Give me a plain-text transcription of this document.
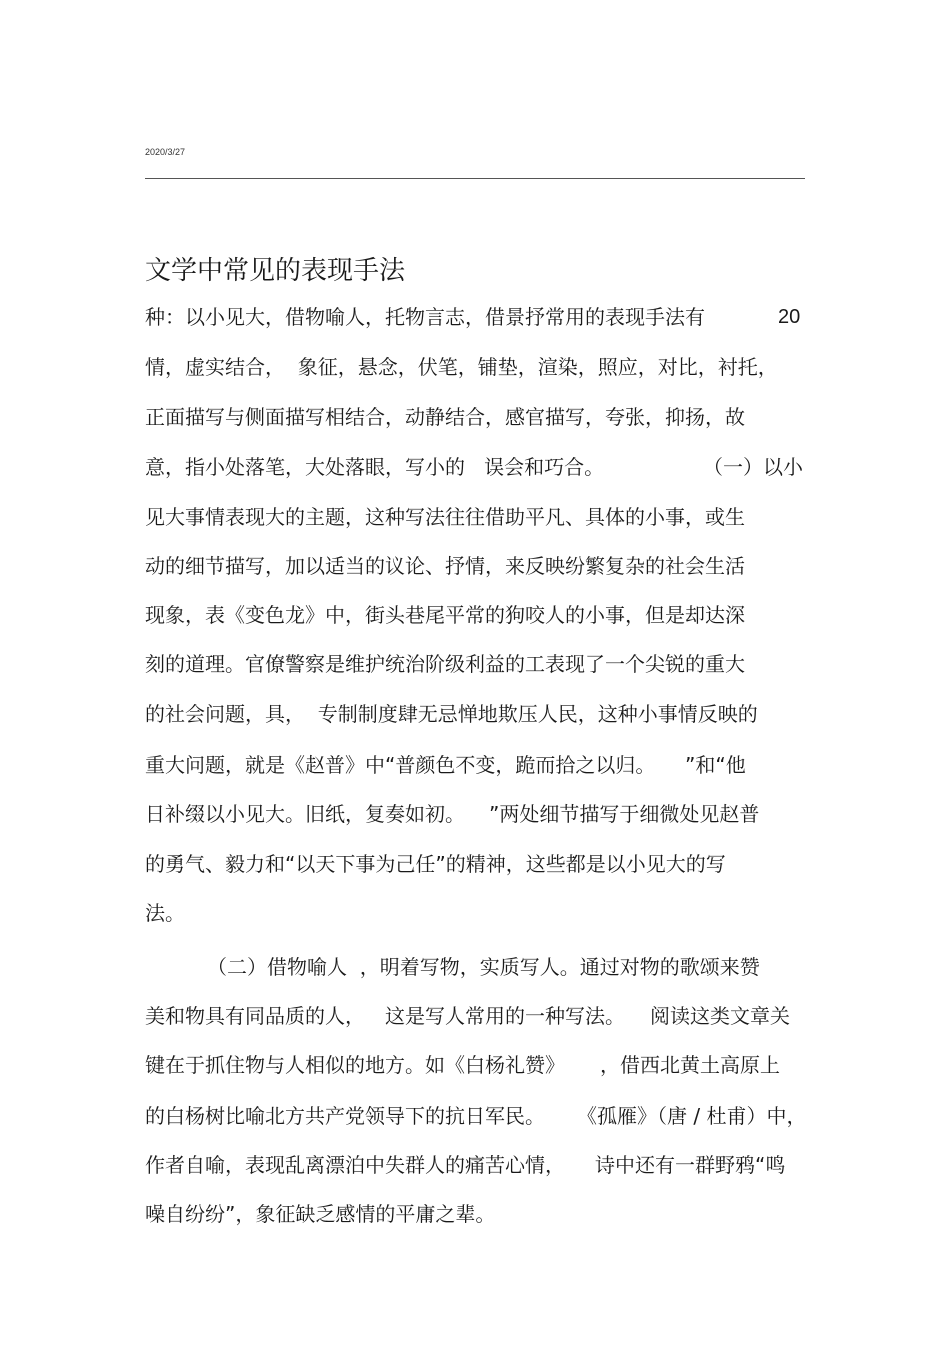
2020/3/27
文学中常见的表现手法
20
种：以小见大，借物喻人，托物言志，借景抒常用的表现手法有
情，虚实结合，  象征，悬念，伏笔，铺垫，渲染，照应，对比，衬托，
正面描写与侧面描写相结合，动静结合，感官描写，夸张，抑扬，故
意，指小处落笔，大处落眼，写小的   误会和巧合。	（一）以小
见大事情表现大的主题，这种写法往往借助平凡、具体的小事，或生
动的细节描写，加以适当的议论、抒情，来反映纷繁复杂的社会生活
现象，表《变色龙》中，街头巷尾平常的狗咬人的小事，但是却达深
刻的道理。官僚警察是维护统治阶级利益的工表现了一个尖锐的重大
的社会问题，具，  专制制度肆无忌惮地欺压人民，这种小事情反映的
重大问题，就是《赵普》中“普颜色不变，跪而拾之以归。 ”和“他
日补缀以小见大。旧纸，复奏如初。 ”两处细节描写于细微处见赵普
的勇气、毅力和“以天下事为己任”的精神，这些都是以小见大的写
法。
（二）借物喻人  ，明着写物，实质写人。通过对物的歌颂来赞
美和物具有同品质的人， 这是写人常用的一种写法。 阅读这类文章关
键在于抓住物与人相似的地方。如《白杨礼赞》 ，借西北黄土高原上
的白杨树比喻北方共产党领导下的抗日军民。 《孤雁》（唐 / 杜甫）中，
作者自喻，表现乱离漂泊中失群人的痛苦心情， 诗中还有一群野鸦“鸣
噪自纷纷”，象征缺乏感情的平庸之辈。
